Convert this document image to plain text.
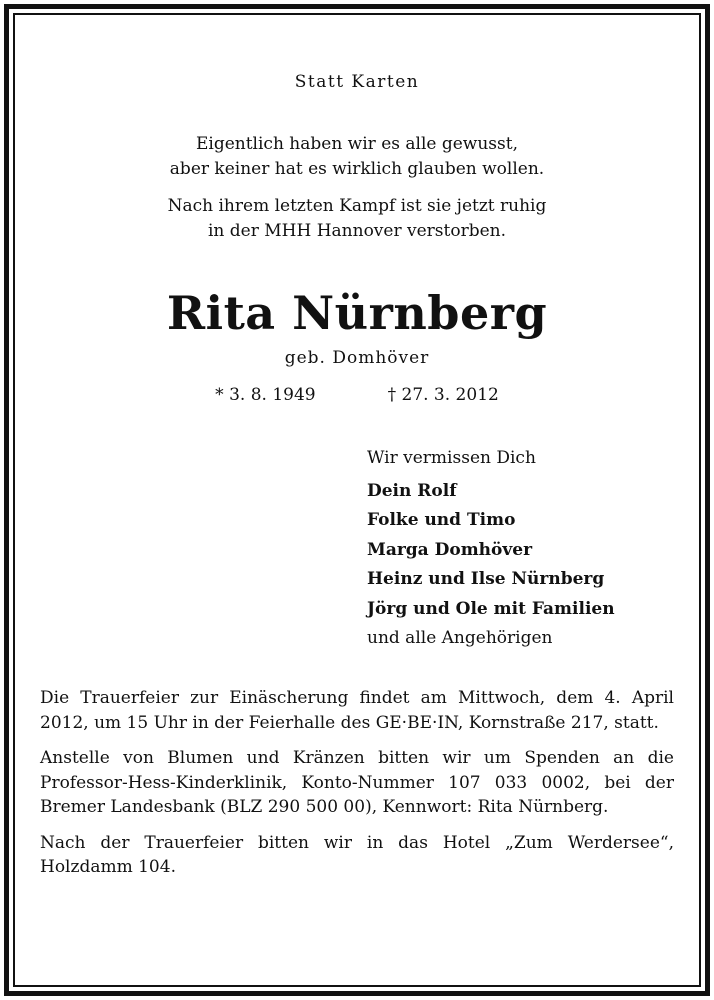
Statt Karten

Eigentlich haben wir es alle gewusst,
aber keiner hat es wirklich glauben wollen.

Nach ihrem letzten Kampf ist sie jetzt ruhig
in der MHH Hannover verstorben.

Rita Nürnberg
geb. Domhöver
* 3. 8. 1949	† 27. 3. 2012
Wir vermissen Dich
Dein Rolf
Folke und Timo
Marga Domhöver
Heinz und Ilse Nürnberg
Jörg und Ole mit Familien
und alle Angehörigen

Die Trauerfeier zur Einäscherung findet am Mittwoch, dem 4. April 2012, um 15 Uhr in der Feierhalle des GE·BE·IN, Kornstraße 217, statt.

Anstelle von Blumen und Kränzen bitten wir um Spenden an die Professor-Hess-Kinderklinik, Konto-Nummer 107 033 0002, bei der Bremer Landesbank (BLZ 290 500 00), Kennwort: Rita Nürnberg.

Nach der Trauerfeier bitten wir in das Hotel „Zum Werdersee“, Holzdamm 104.
